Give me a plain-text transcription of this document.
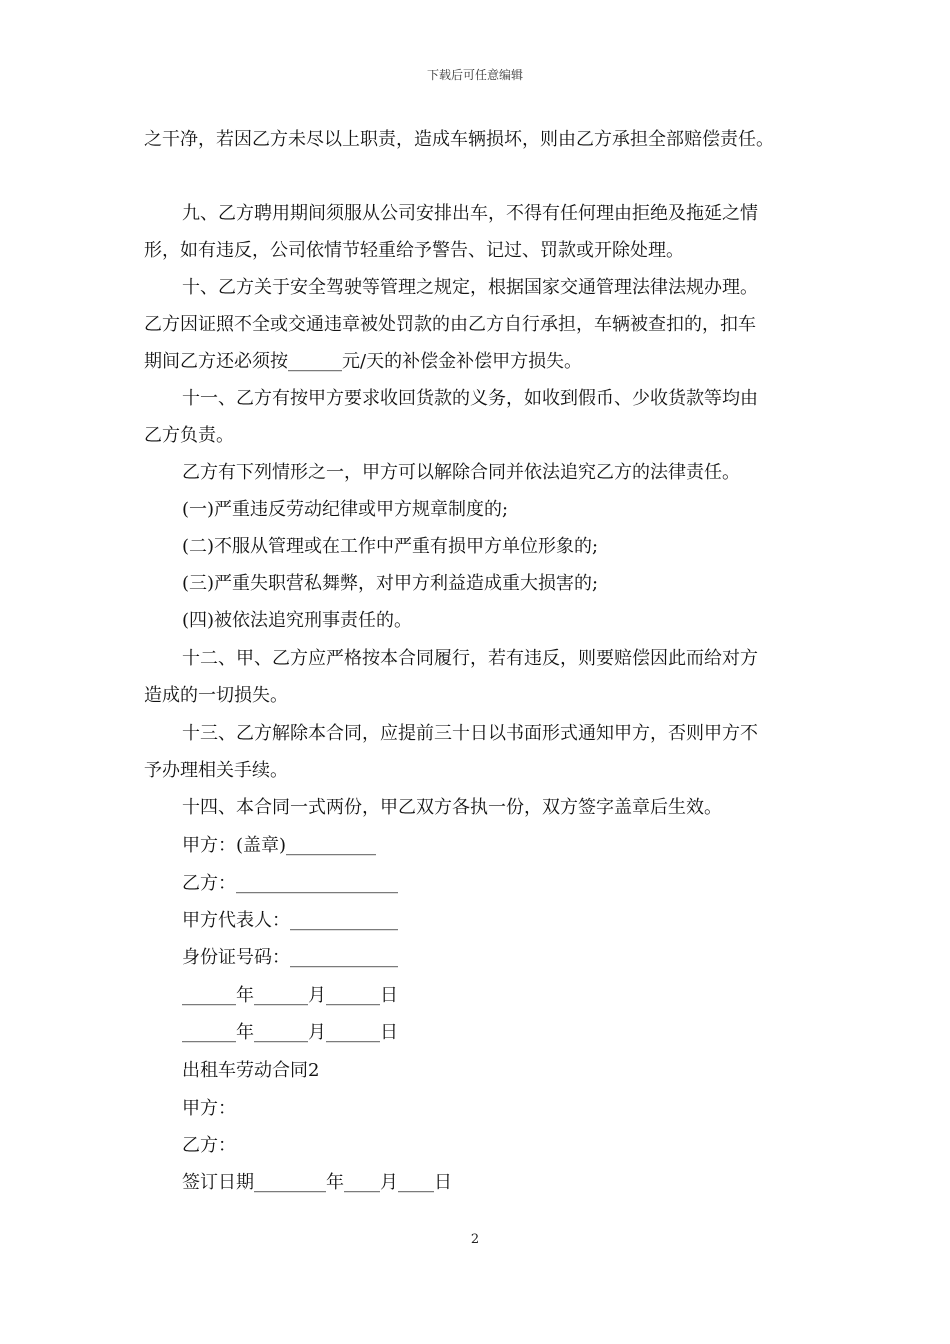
下载后可任意编辑
之干净，若因乙方未尽以上职责，造成车辆损坏，则由乙方承担全部赔偿责任。
九、乙方聘用期间须服从公司安排出车，不得有任何理由拒绝及拖延之情
形，如有违反，公司依情节轻重给予警告、记过、罚款或开除处理。
十、乙方关于安全驾驶等管理之规定，根据国家交通管理法律法规办理。
乙方因证照不全或交通违章被处罚款的由乙方自行承担，车辆被查扣的，扣车
期间乙方还必须按______元/天的补偿金补偿甲方损失。
十一、乙方有按甲方要求收回货款的义务，如收到假币、少收货款等均由
乙方负责。
乙方有下列情形之一，甲方可以解除合同并依法追究乙方的法律责任。
(一)严重违反劳动纪律或甲方规章制度的;
(二)不服从管理或在工作中严重有损甲方单位形象的;
(三)严重失职营私舞弊，对甲方利益造成重大损害的;
(四)被依法追究刑事责任的。
十二、甲、乙方应严格按本合同履行，若有违反，则要赔偿因此而给对方
造成的一切损失。
十三、乙方解除本合同，应提前三十日以书面形式通知甲方，否则甲方不
予办理相关手续。
十四、本合同一式两份，甲乙双方各执一份，双方签字盖章后生效。
甲方：(盖章)__________
乙方：__________________
甲方代表人：____________
身份证号码：____________
______年______月______日
______年______月______日
出租车劳动合同2
甲方：
乙方：
签订日期________年____月____日
2
